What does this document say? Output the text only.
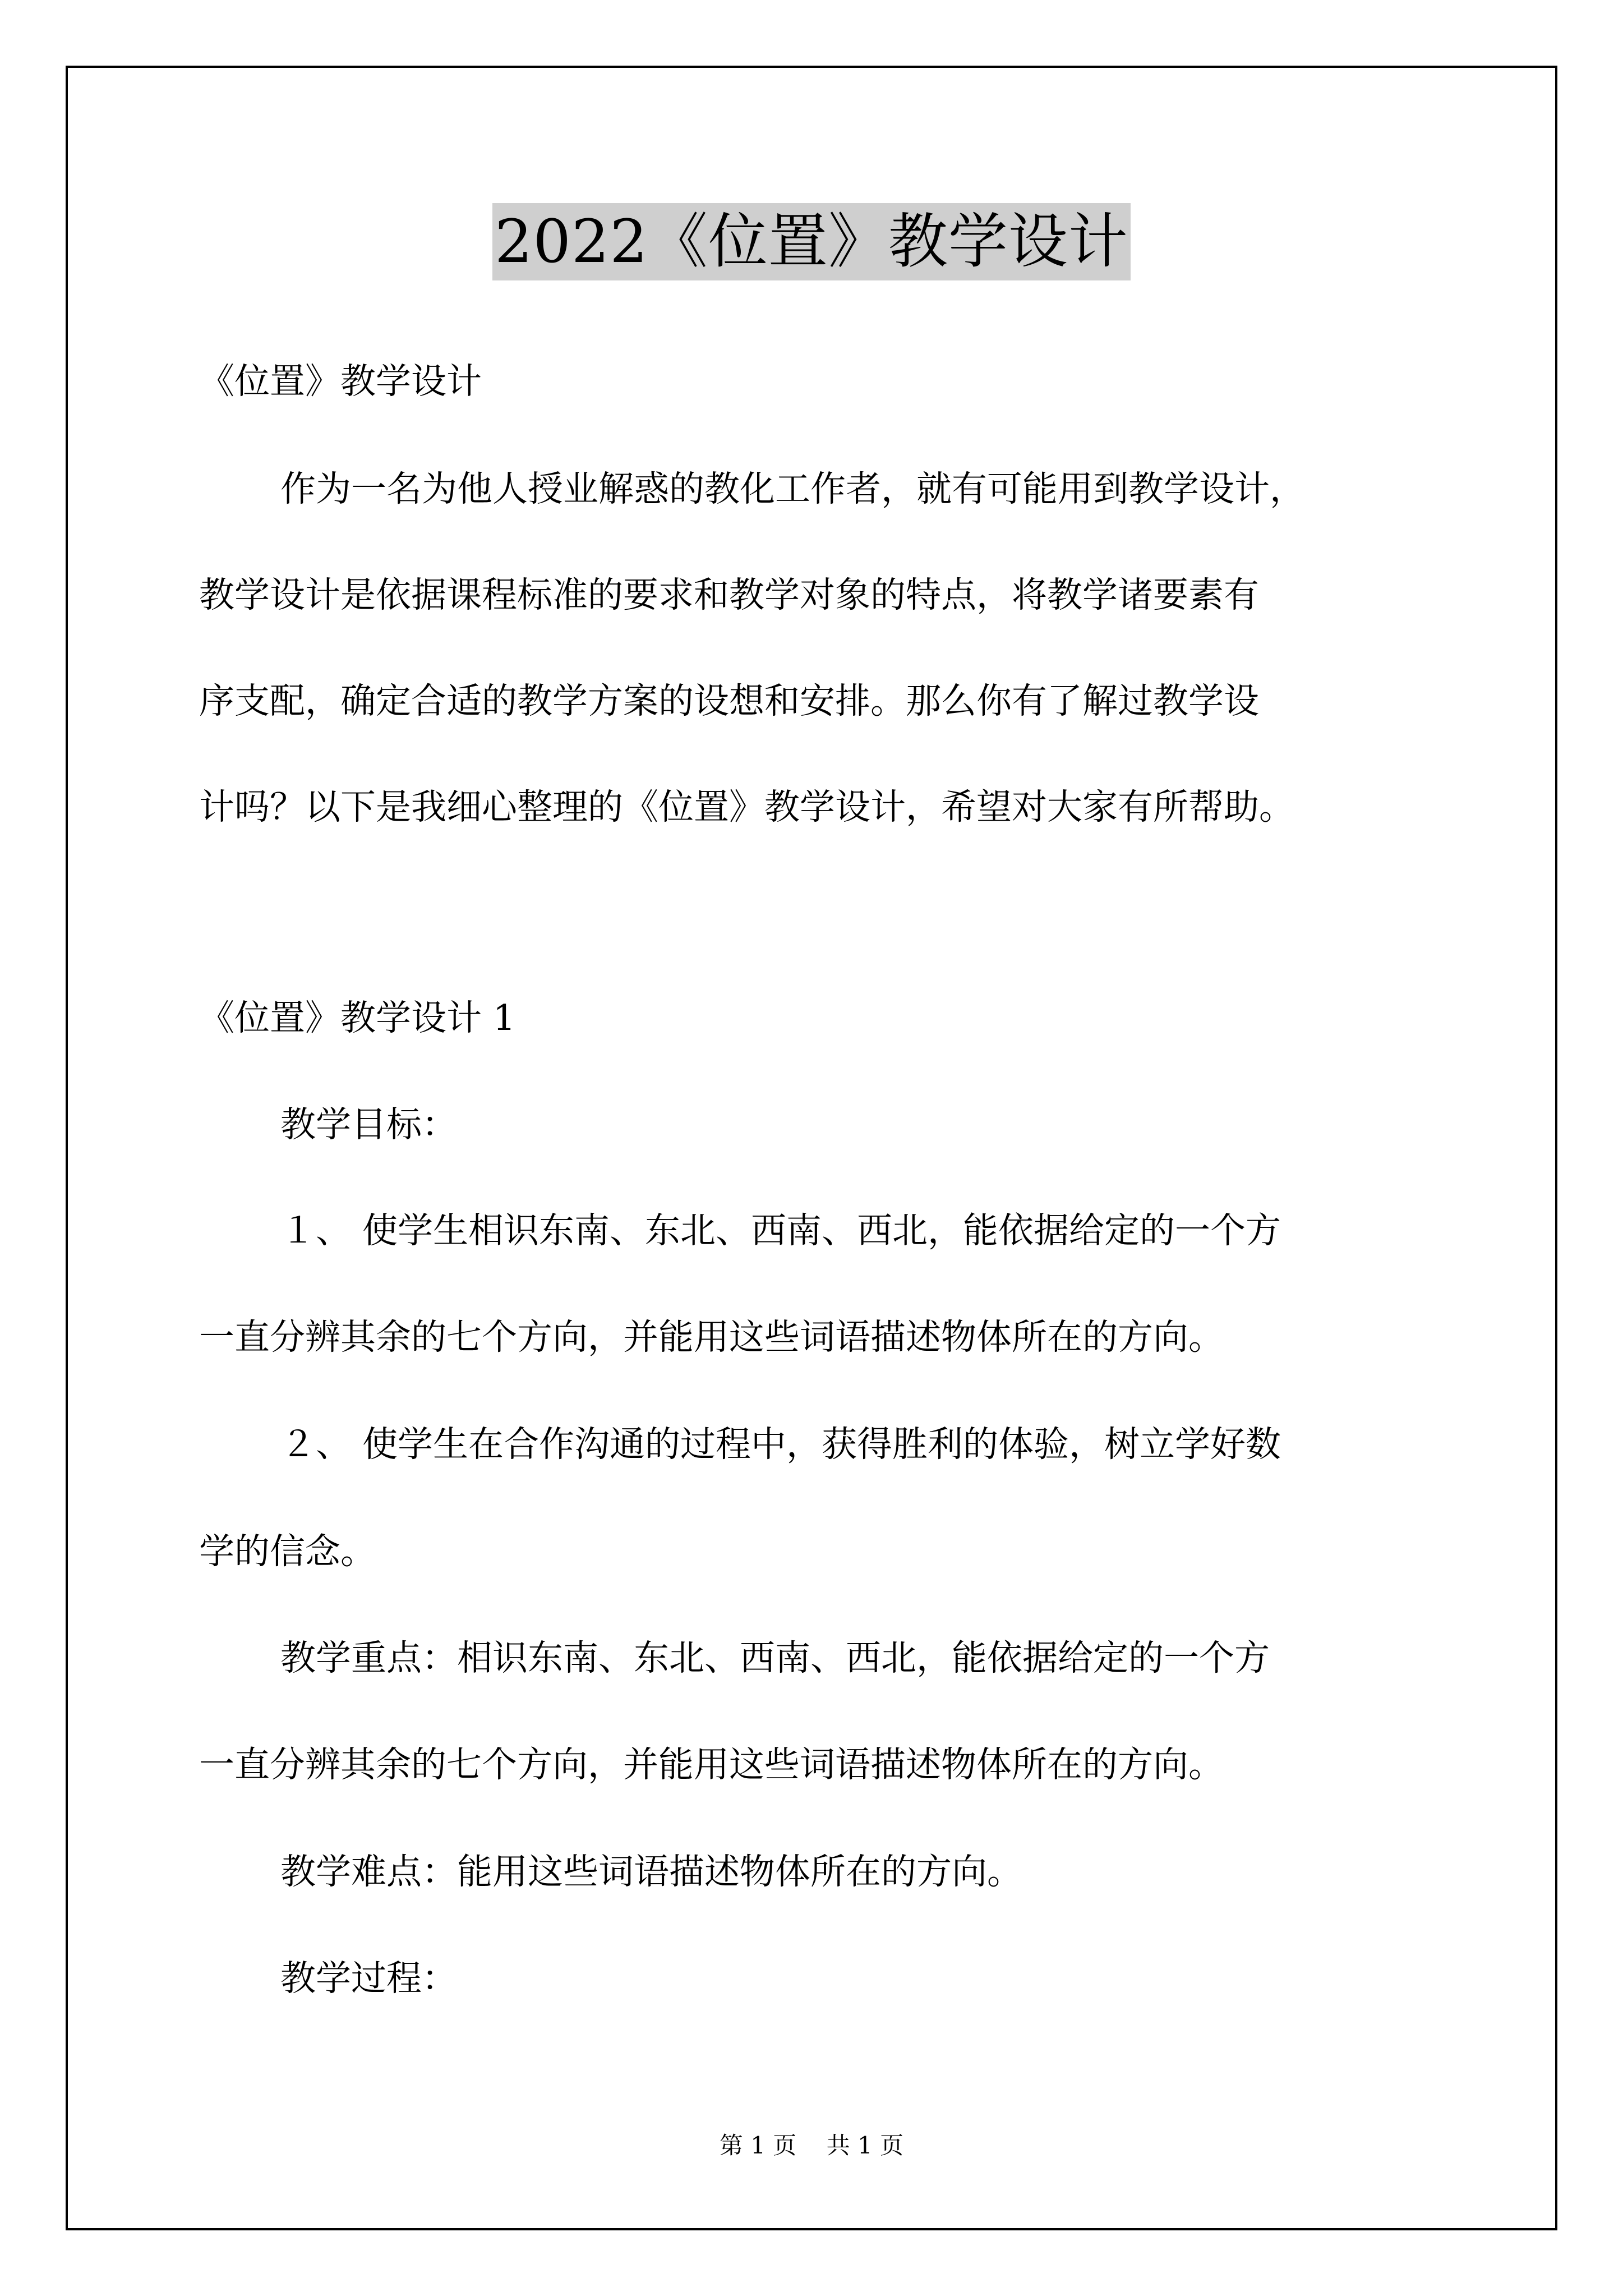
2022《位置》教学设计

《位置》教学设计

作为一名为他人授业解惑的教化工作者，就有可能用到教学设计，

教学设计是依据课程标准的要求和教学对象的特点，将教学诸要素有

序支配，确定合适的教学方案的设想和安排。那么你有了解过教学设

计吗？以下是我细心整理的《位置》教学设计，希望对大家有所帮助。

《位置》教学设计 1

教学目标：

１、 使学生相识东南、东北、西南、西北，能依据给定的一个方

一直分辨其余的七个方向，并能用这些词语描述物体所在的方向。

２、 使学生在合作沟通的过程中，获得胜利的体验，树立学好数

学的信念。

教学重点：相识东南、东北、西南、西北，能依据给定的一个方

一直分辨其余的七个方向，并能用这些词语描述物体所在的方向。

教学难点：能用这些词语描述物体所在的方向。

教学过程：

第 1 页    共 1 页
